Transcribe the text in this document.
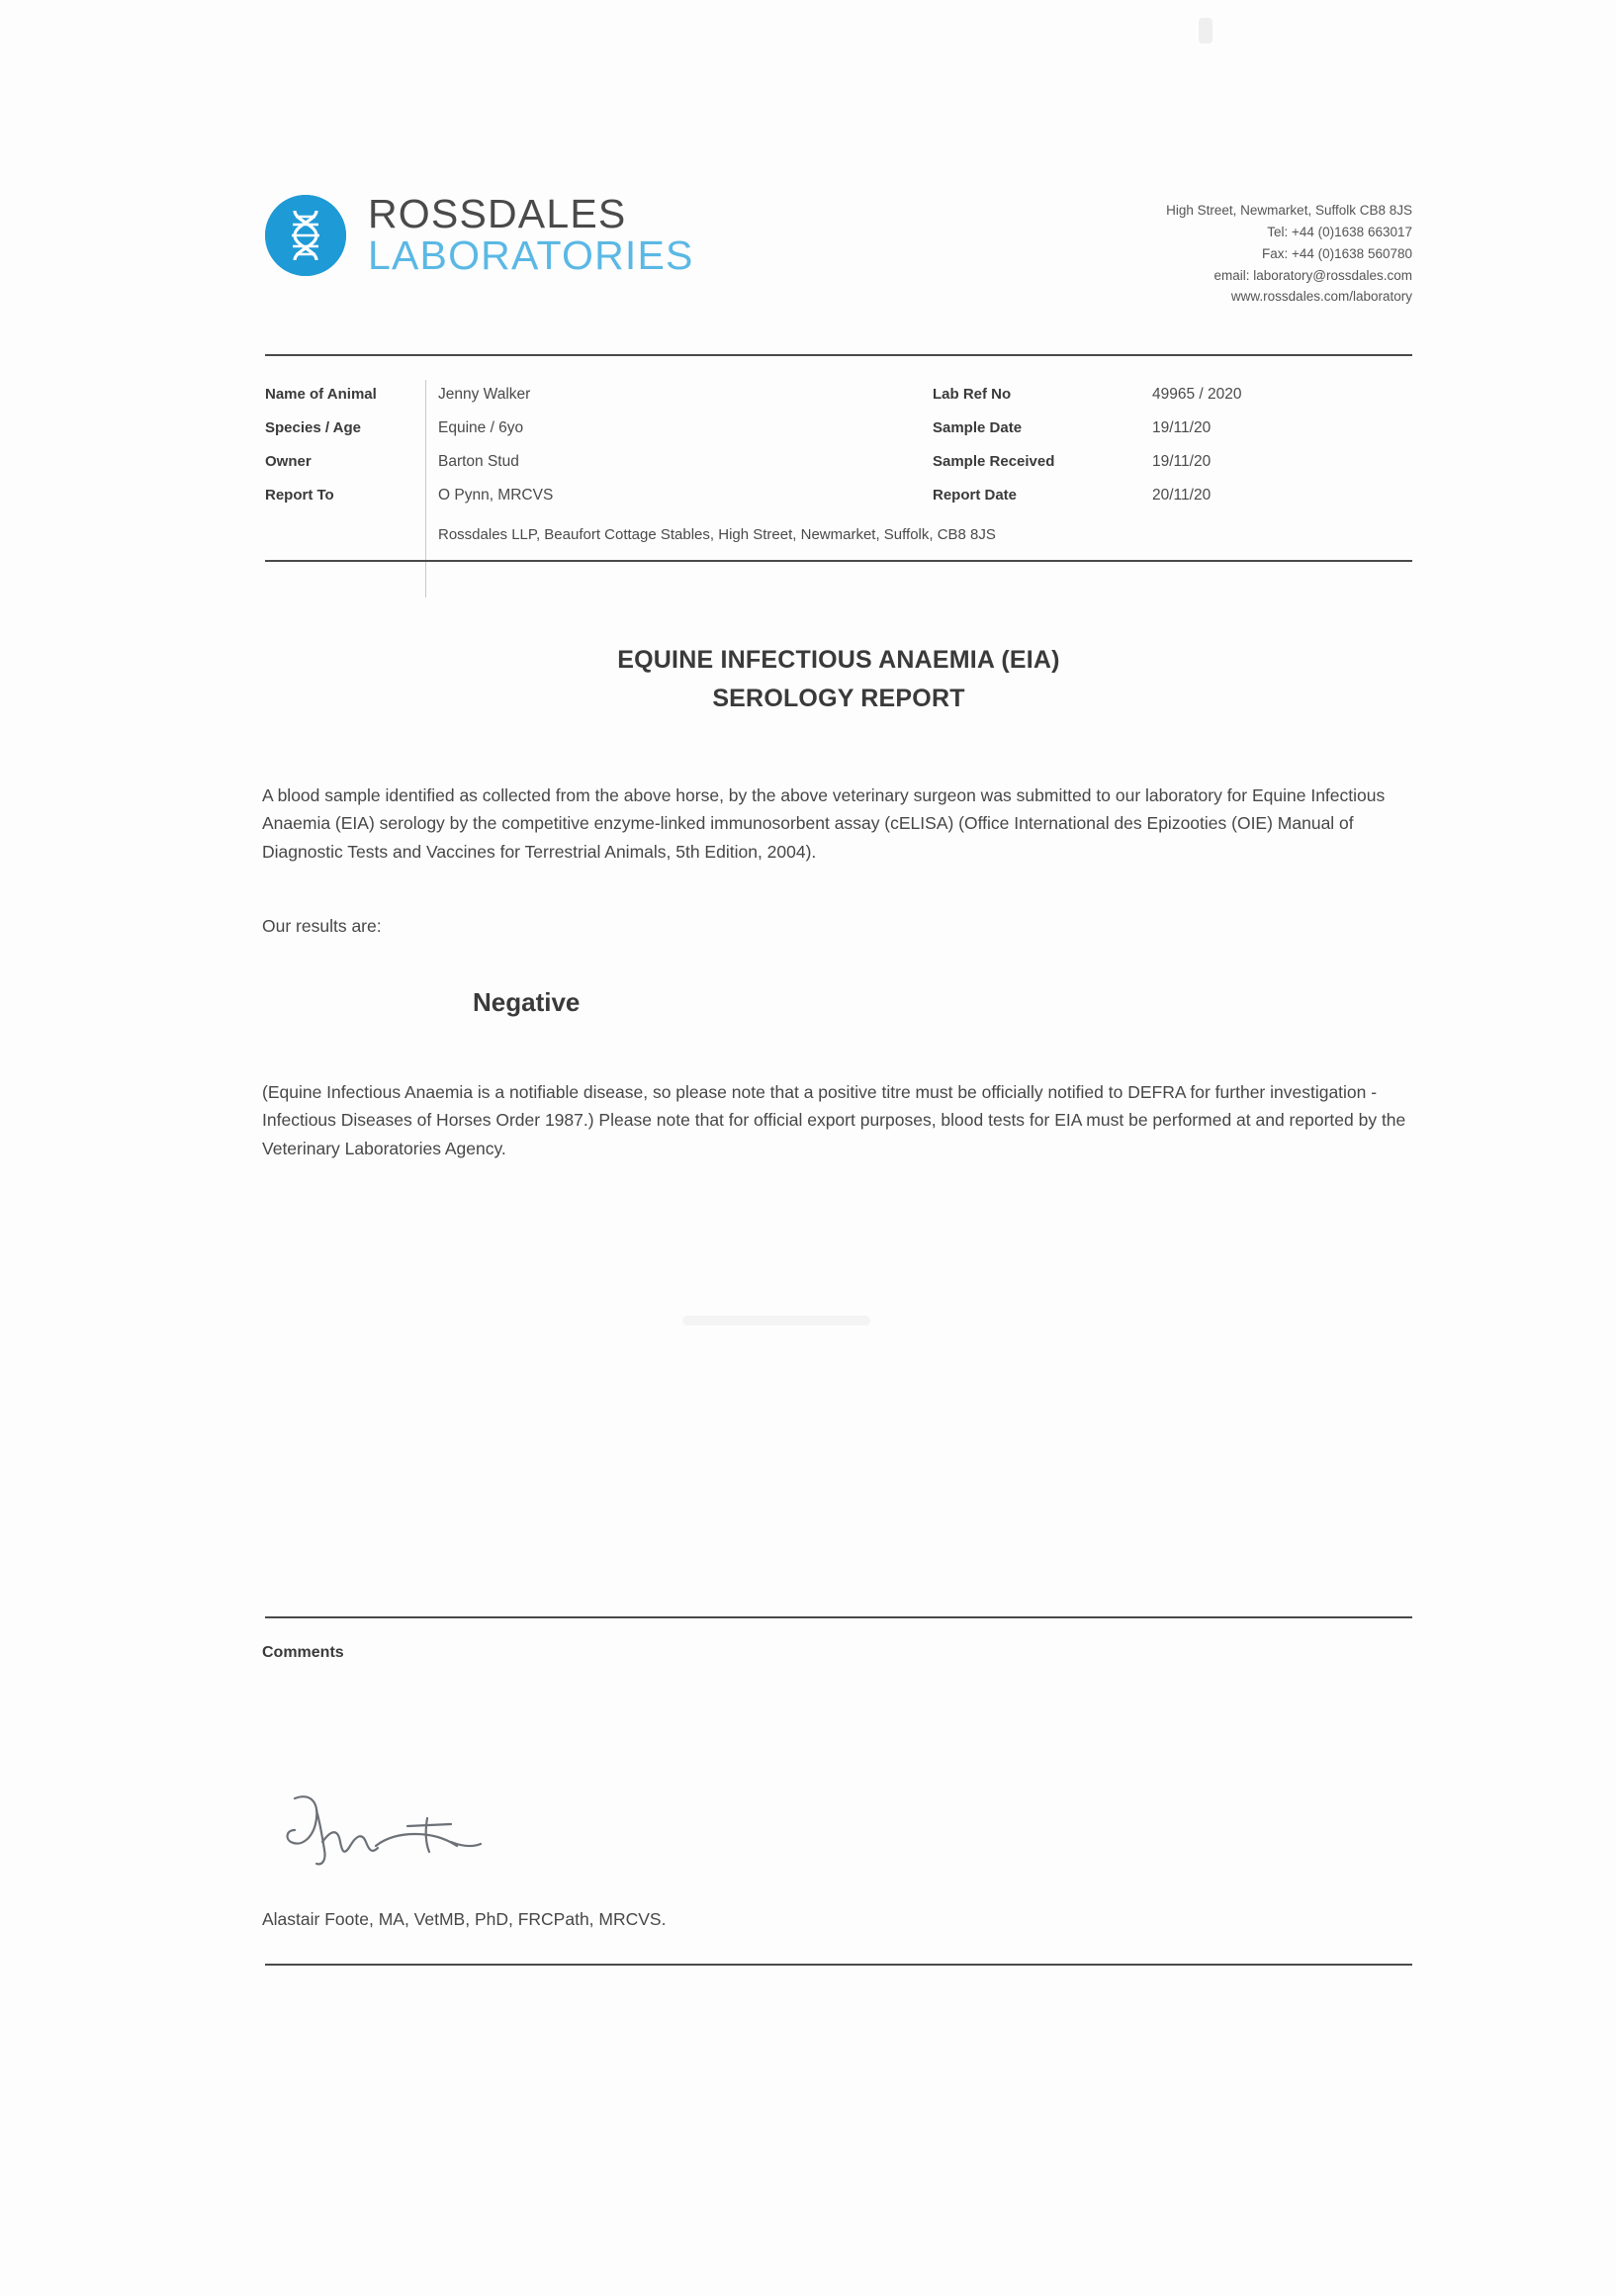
ROSSDALES
LABORATORIES
High Street, Newmarket, Suffolk CB8 8JS
Tel: +44 (0)1638 663017
Fax: +44 (0)1638 560780
email: laboratory@rossdales.com
www.rossdales.com/laboratory
Name of Animal	Jenny Walker	Lab Ref No	49965 / 2020
Species / Age	Equine / 6yo	Sample Date	19/11/20
Owner	Barton Stud	Sample Received	19/11/20
Report To	O Pynn, MRCVS	Report Date	20/11/20
Rossdales LLP, Beaufort Cottage Stables, High Street, Newmarket, Suffolk, CB8 8JS
EQUINE INFECTIOUS ANAEMIA (EIA)
SEROLOGY REPORT
A blood sample identified as collected from the above horse, by the above veterinary surgeon was submitted to our laboratory for Equine Infectious Anaemia (EIA) serology by the competitive enzyme-linked immunosorbent assay (cELISA) (Office International des Epizooties (OIE) Manual of Diagnostic Tests and Vaccines for Terrestrial Animals, 5th Edition, 2004).
Our results are:
Negative
(Equine Infectious Anaemia is a notifiable disease, so please note that a positive titre must be officially notified to DEFRA for further investigation - Infectious Diseases of Horses Order 1987.) Please note that for official export purposes, blood tests for EIA must be performed at and reported by the Veterinary Laboratories Agency.
Comments
Alastair Foote, MA, VetMB, PhD, FRCPath, MRCVS.
